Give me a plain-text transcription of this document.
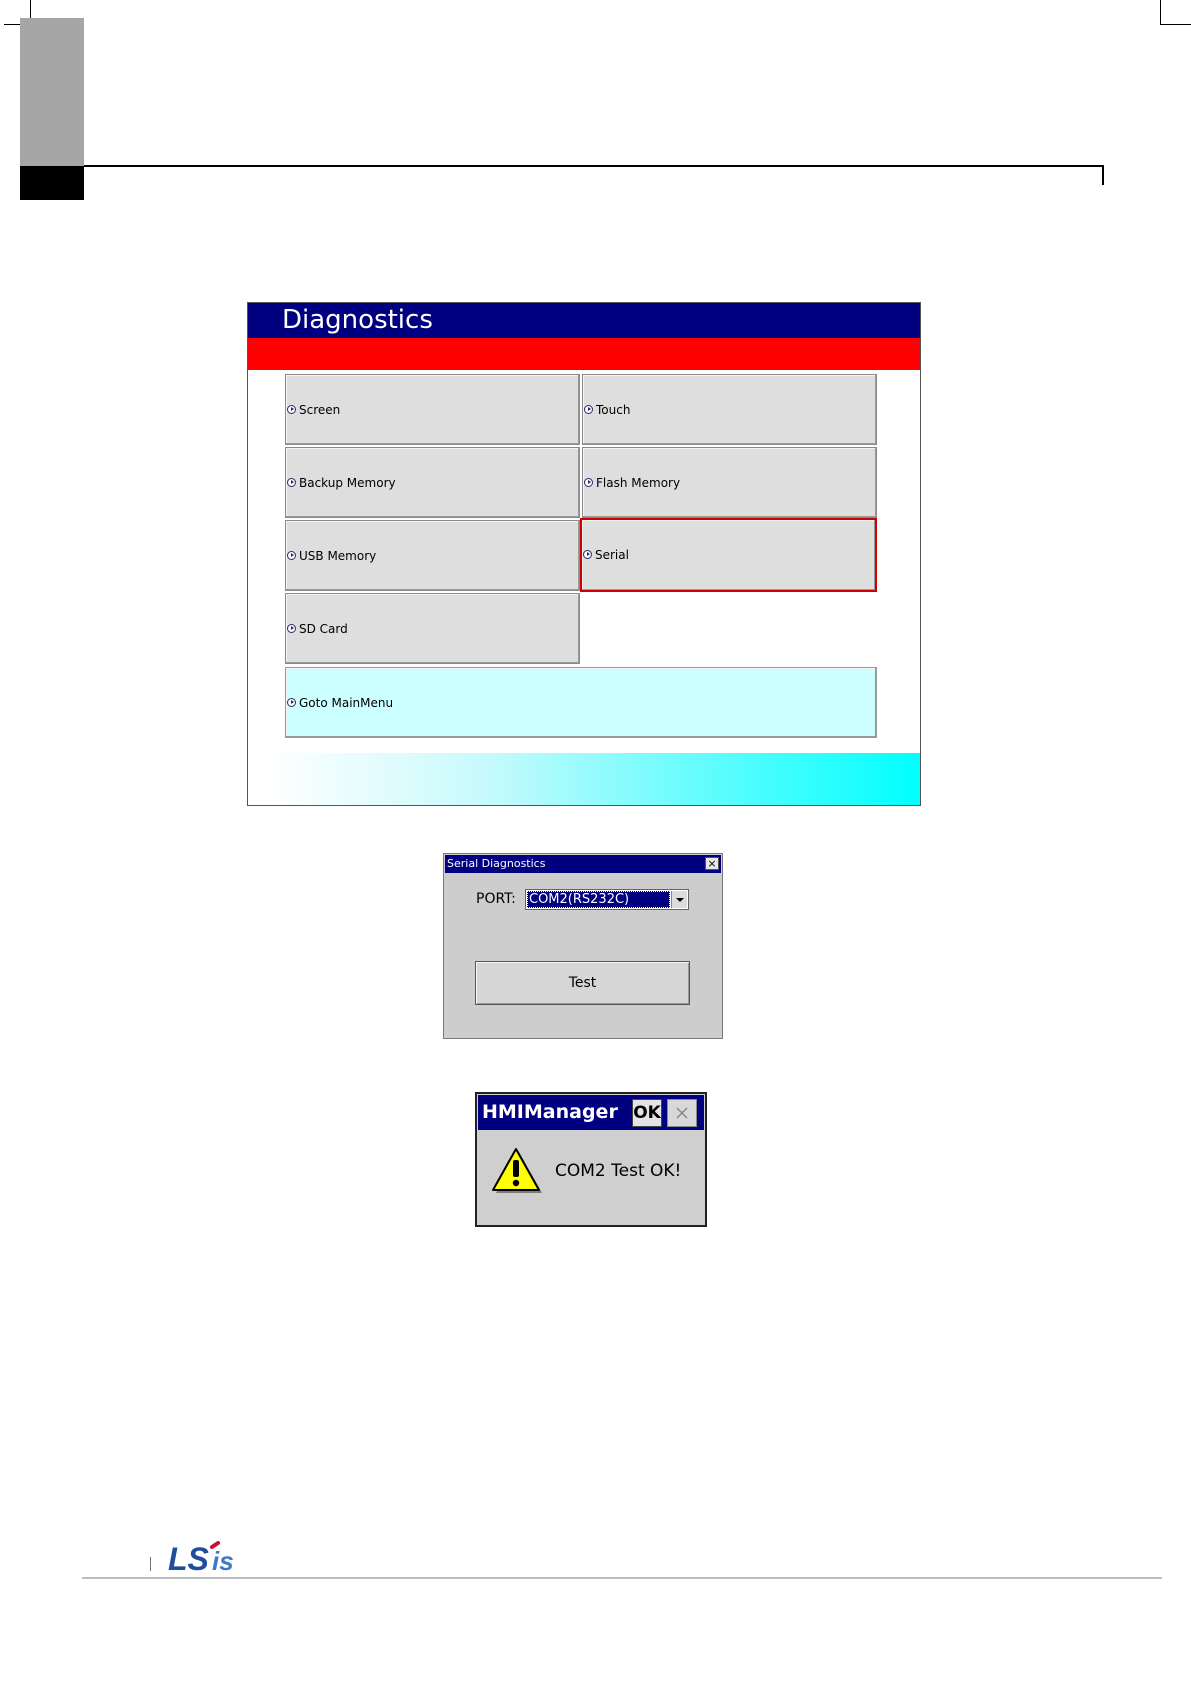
Diagnostics
Screen	Touch
Backup Memory	Flash Memory
USB Memory	Serial
SD Card
Goto MainMenu
Serial Diagnostics	×
PORT: COM2(RS232C)
Test
HMIManager OK
COM2 Test OK!
LS is
